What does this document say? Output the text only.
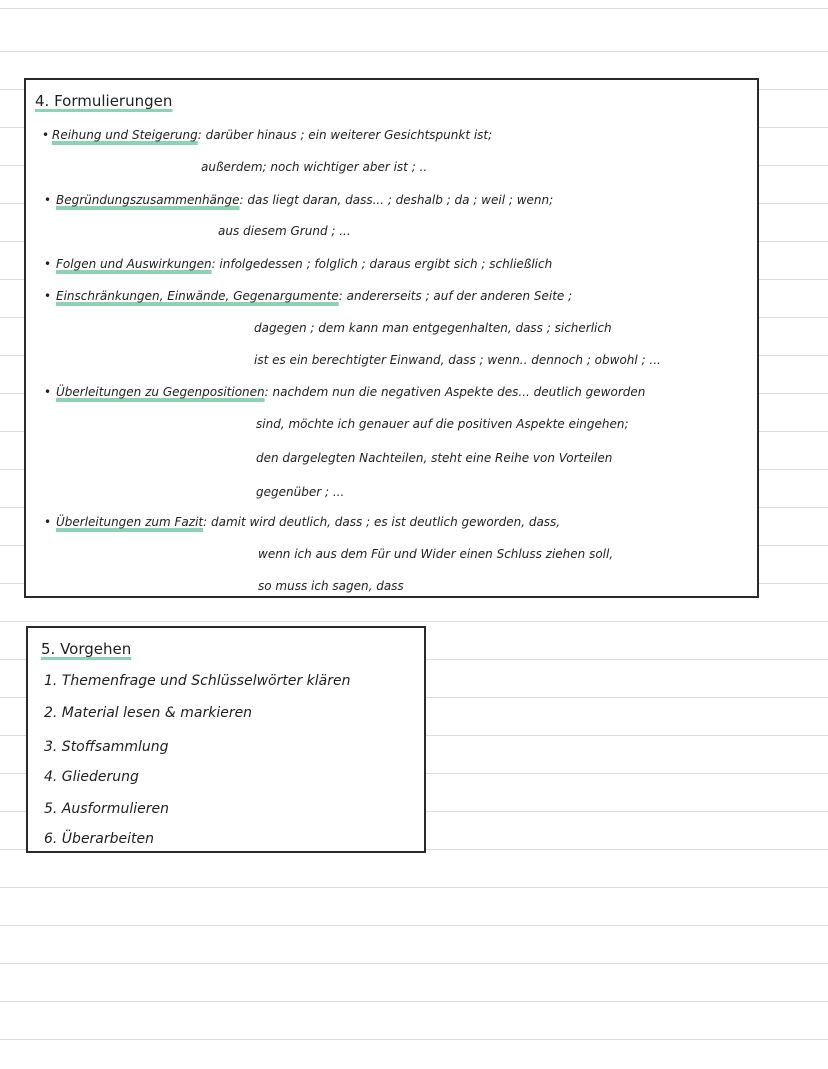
4. Formulierungen
• Reihung und Steigerung: darüber hinaus ; ein weiterer Gesichtspunkt ist;
außerdem; noch wichtiger aber ist ; ..
• Begründungszusammenhänge: das liegt daran, dass... ; deshalb ; da ; weil ; wenn;
aus diesem Grund ; ...
• Folgen und Auswirkungen: infolgedessen ; folglich ; daraus ergibt sich ; schließlich
• Einschränkungen, Einwände, Gegenargumente: andererseits ; auf der anderen Seite ;
dagegen ; dem kann man entgegenhalten, dass ; sicherlich
ist es ein berechtigter Einwand, dass ; wenn.. dennoch ; obwohl ; ...
• Überleitungen zu Gegenpositionen: nachdem nun die negativen Aspekte des... deutlich geworden
sind, möchte ich genauer auf die positiven Aspekte eingehen;
den dargelegten Nachteilen, steht eine Reihe von Vorteilen
gegenüber ; ...
• Überleitungen zum Fazit: damit wird deutlich, dass ; es ist deutlich geworden, dass,
wenn ich aus dem Für und Wider einen Schluss ziehen soll,
so muss ich sagen, dass
5. Vorgehen
1. Themenfrage und Schlüsselwörter klären
2. Material lesen & markieren
3. Stoffsammlung
4. Gliederung
5. Ausformulieren
6. Überarbeiten
